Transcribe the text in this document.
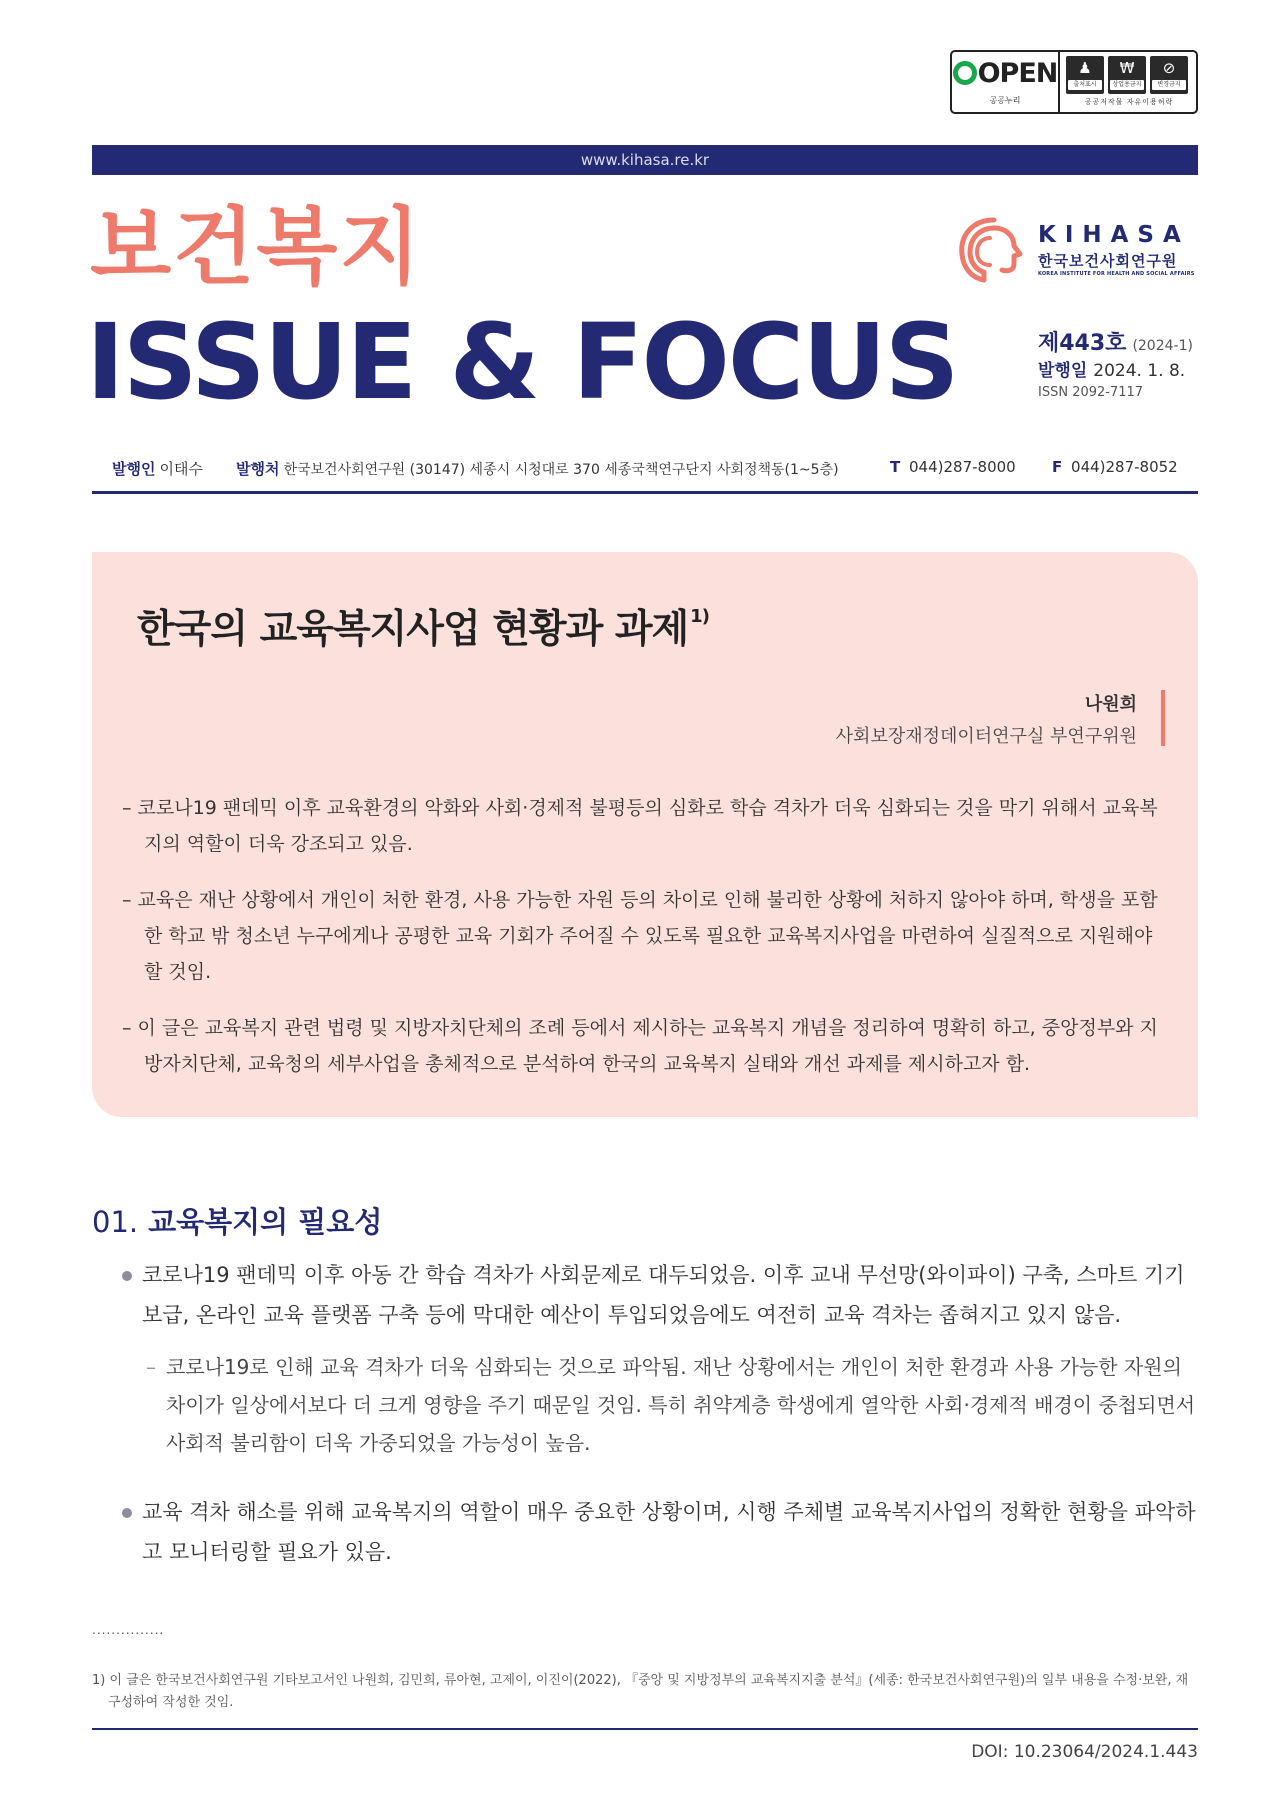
OPEN
공공누리
♟
출처표시
₩
상업용금지
⊘
변경금지
공공저작물 자유이용허락
www.kihasa.re.kr
보건복지
ISSUE & FOCUS
KIHASA
한국보건사회연구원
KOREA INSTITUTE FOR HEALTH AND SOCIAL AFFAIRS
제443호 (2024-1)
발행일 2024. 1. 8.
ISSN 2092-7117
발행인 이태수 발행처 한국보건사회연구원 (30147) 세종시 시청대로 370 세종국책연구단지 사회정책동(1~5층)	T 044)287-8000 F 044)287-8052
한국의 교육복지사업 현황과 과제 $^{1)}$
나원희
사회보장재정데이터연구실 부연구위원
– 코로나19 팬데믹 이후 교육환경의 악화와 사회·경제적 불평등의 심화로 학습 격차가 더욱 심화되는 것을 막기 위해서 교육복지의 역할이 더욱 강조되고 있음.
– 교육은 재난 상황에서 개인이 처한 환경, 사용 가능한 자원 등의 차이로 인해 불리한 상황에 처하지 않아야 하며, 학생을 포함한 학교 밖 청소년 누구에게나 공평한 교육 기회가 주어질 수 있도록 필요한 교육복지사업을 마련하여 실질적으로 지원해야 할 것임.
– 이 글은 교육복지 관련 법령 및 지방자치단체의 조례 등에서 제시하는 교육복지 개념을 정리하여 명확히 하고, 중앙정부와 지방자치단체, 교육청의 세부사업을 총체적으로 분석하여 한국의 교육복지 실태와 개선 과제를 제시하고자 함.
01. 교육복지의 필요성
코로나19 팬데믹 이후 아동 간 학습 격차가 사회문제로 대두되었음. 이후 교내 무선망(와이파이) 구축, 스마트 기기 보급, 온라인 교육 플랫폼 구축 등에 막대한 예산이 투입되었음에도 여전히 교육 격차는 좁혀지고 있지 않음.
– 코로나19로 인해 교육 격차가 더욱 심화되는 것으로 파악됨. 재난 상황에서는 개인이 처한 환경과 사용 가능한 자원의 차이가 일상에서보다 더 크게 영향을 주기 때문일 것임. 특히 취약계층 학생에게 열악한 사회·경제적 배경이 중첩되면서 사회적 불리함이 더욱 가중되었을 가능성이 높음.
교육 격차 해소를 위해 교육복지의 역할이 매우 중요한 상황이며, 시행 주체별 교육복지사업의 정확한 현황을 파악하고 모니터링할 필요가 있음.
...............
1) 이 글은 한국보건사회연구원 기타보고서인 나원희, 김민희, 류아현, 고제이, 이진이(2022), 『중앙 및 지방정부의 교육복지지출 분석』(세종: 한국보건사회연구원)의 일부 내용을 수정·보완, 재구성하여 작성한 것임.
DOI: 10.23064/2024.1.443
